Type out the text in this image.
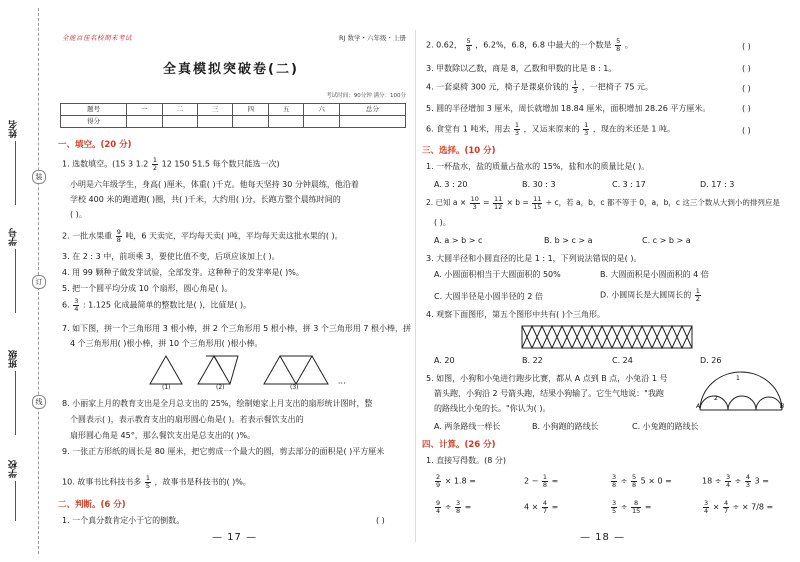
姓名
学号
班级
学校
装
订
线
全能百佳名校期末考试	RJ 数学・六年级・上册
全真模拟突破卷(二)
考试时间：90分钟 满分：100分
题号	一	二	三	四	五	六	总分
得分							
一、填空。(20 分)
1. 选数填空。(15 3 $1.2 \frac{1}{2} 12$ 150 51.5 每个数只能选一次)
小明是六年级学生，身高( )厘米，体重( )千克。他每天坚持 30 分钟晨练，他沿着
学校 400 米的跑道跑( )圈，共( )千米，大约用( )分，长跑方整个晨练时间的
( )。
2. 一批水果重 $\frac{9}{8}$ 吨，6 天卖完，平均每天卖( )吨，平均每天卖这批水果的( )。
3. 在 2 : 3 中，前项乘 3，要使比值不变，后项应该加上( )。
4. 用 99 颗种子做发芽试验，全部发芽。这种种子的发芽率是( )%。
5. 把一个圆平均分成 10 个扇形，圆心角是( )。
6. $\frac{3}{4}$ : 1.125 化成最简单的整数比是( )，比值是( )。
7. 如下图，拼一个三角形用 3 根小棒，拼 2 个三角形用 5 根小棒，拼 3 个三角形用 7 根小棒，拼
4 个三角形用( )根小棒，拼 10 个三角形用( )根小棒。
···
(1)	(2)	(3)
8. 小丽家上月的教育支出是全月总支出的 25%，绘制她家上月支出的扇形统计图时，整
个圆表示( )，表示教育支出的扇形圆心角是( )。若表示餐饮支出的
扇形圆心角是 45°，那么餐饮支出是总支出的( )%。
9. 一张正方形纸的周长是 80 厘米，把它剪成一个最大的圆，剪去部分的面积是( )平方厘米
10. 故事书比科技书多 $\frac{1}{5}$ ，故事书是科技书的( )%。
二、判断。(6 分)
1. 一个真分数肯定小于它的倒数。	( )
— 17 —
2. 0.62， $\frac{5}{8}$ ，6.2%，6.8，6.8 中最大的一个数是 $\frac{5}{8}$ 。	( )
3. 甲数除以乙数，商是 8，乙数和甲数的比是 8 : 1。	( )
4. 一套桌椅 300 元，椅子是课桌价钱的 $\frac{1}{3}$ ，一把椅子 75 元。	( )
5. 圆的半径增加 3 厘米，周长就增加 18.84 厘米，面积增加 28.26 平方厘米。	( )
6. 食堂有 1 吨米，用去 $\frac{1}{3}$ ，又运来原来的 $\frac{1}{3}$ ，现在的米还是 1 吨。	( )
三、选择。(10 分)
1. 一杯盐水，盐的质量占盐水的 15%，盐和水的质量比是( )。
A. 3 : 20	B. 30 : 3	C. 3 : 17	D. 17 : 3
2. 已知 $a \times \frac{10}{3} = \frac{11}{12} \times b = \frac{11}{15} \div c$，若 a，b，c 都不等于 0，a，b，c 这三个数从大到小的排列应是
( )。
A. a > b > c	B. b > c > a	C. c > b > a
3. 大圆半径和小圆直径的比是 1 : 1，下列说法错误的是( )。
A. 小圆面积相当于大圆面积的 50%	B. 大圆面积是小圆面积的 4 倍
C. 大圆半径是小圆半径的 2 倍	D. 小圆周长是大圆周长的 $\frac{1}{2}$
4. 观察下面图形，第五个图形中共有( )个三角形。
A. 20	B. 22	C. 24	D. 26
5. 如图，小狗和小兔进行跑步比赛，都从 A 点到 B 点，小兔沿 1 号
箭头跑，小狗沿 2 号箭头跑，结果小狗输了。它生气地说："我跑
的路线比小兔的长。"你认为( )。
1
2
A	B
A. 两条路线一样长	B. 小狗跑的路线长	C. 小兔跑的路线长
四、计算。(26 分)
1. 直接写得数。(8 分)
$\frac{2}{9} \times 1.8$ =	$2 - \frac{1}{8}$ =	$\frac{3}{8} \div \frac{5}{8} 5 \times 0$ =	$18 \div \frac{3}{4} \div \frac{4}{3} 3$ =
$\frac{9}{4} \div \frac{3}{8}$ =	$4 \times \frac{4}{7}$ =	$\frac{3}{5} \div \frac{8}{15}$ =	$\frac{3}{4} \times \frac{4}{7}$ ÷ × 7/8 =
— 18 —
